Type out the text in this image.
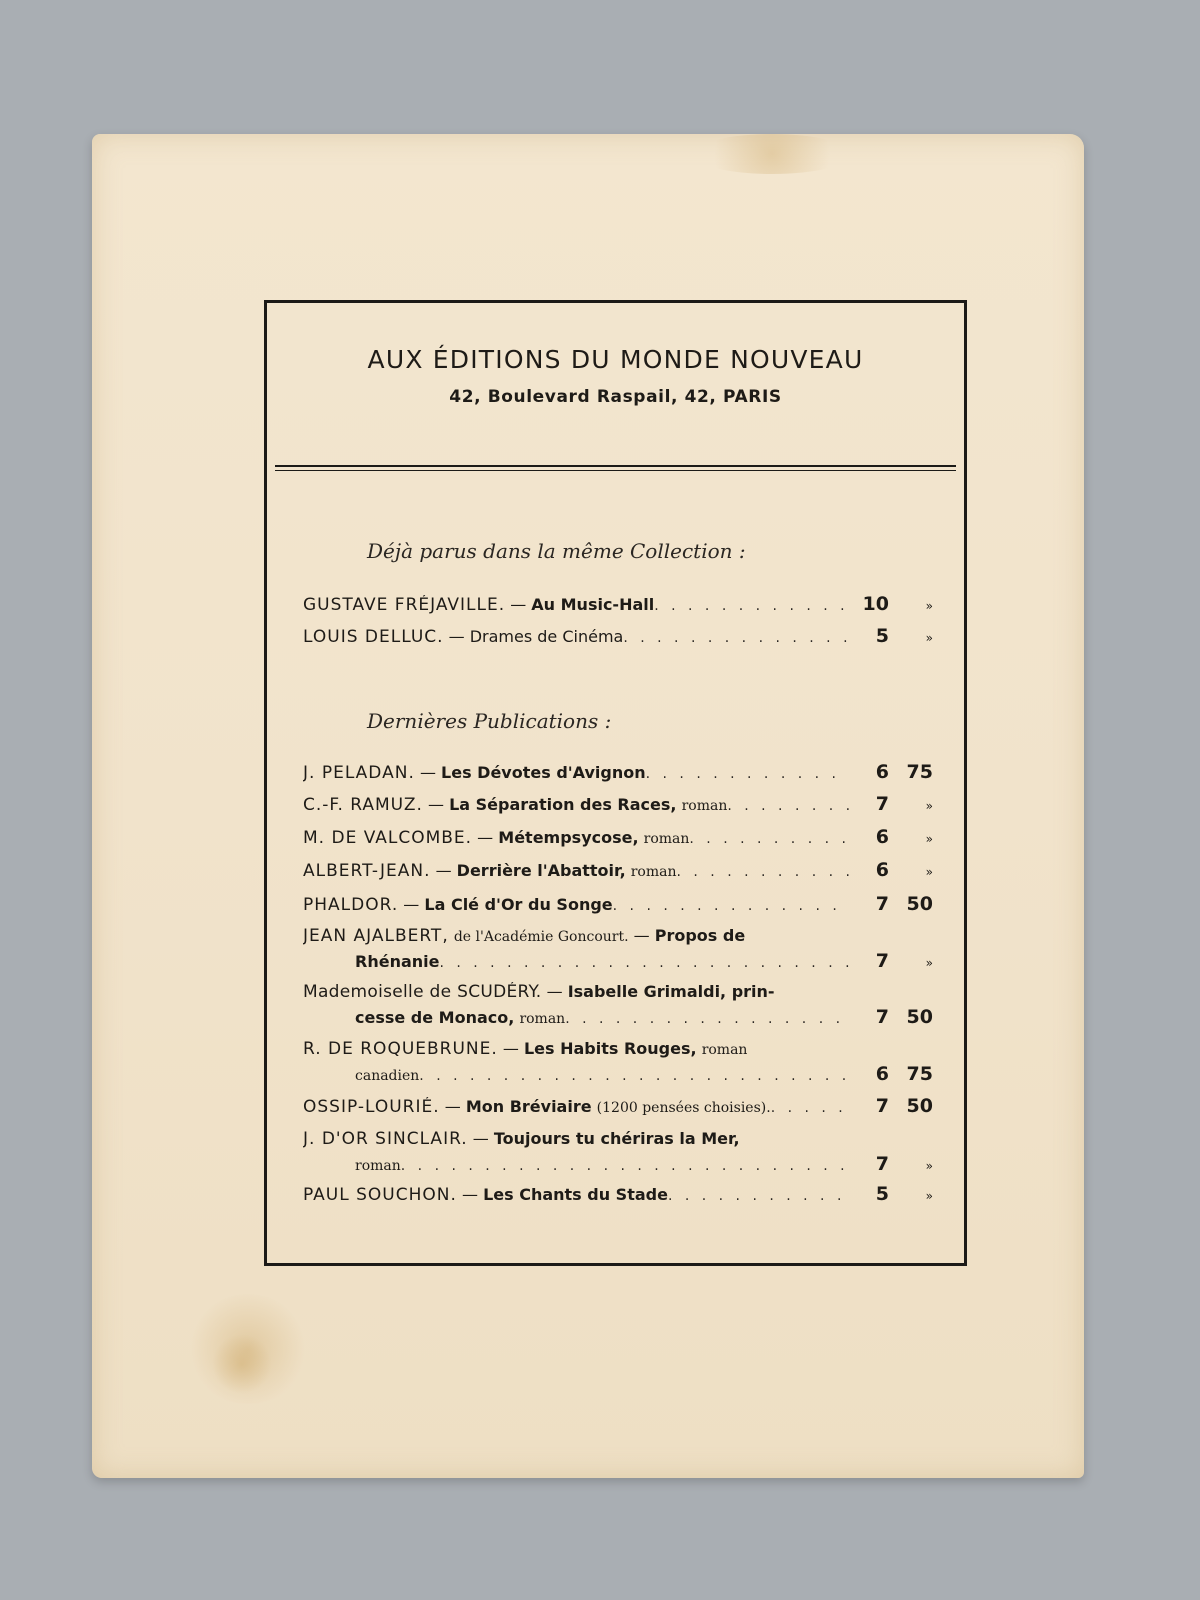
AUX ÉDITIONS DU MONDE NOUVEAU
42, Boulevard Raspail, 42, PARIS
Déjà parus dans la même Collection :
GUSTAVE FRÉJAVILLE. — Au Music-Hall . . .	10	»
LOUIS DELLUC. — Drames de Cinéma . . .	5	»
Dernières Publications :
J. PELADAN. — Les Dévotes d'Avignon . . .	6 75
C.-F. RAMUZ. — La Séparation des Races, roman . . .	7	»
M. DE VALCOMBE. — Métempsycose, roman . . .	6	»
ALBERT-JEAN. — Derrière l'Abattoir, roman . . .	6	»
PHALDOR. — La Clé d'Or du Songe . . .	7 50
JEAN AJALBERT, de l'Académie Goncourt. — Propos de
Rhénanie . . .	7	»
Mademoiselle de SCUDÉRY. — Isabelle Grimaldi, prin-
cesse de Monaco, roman . . .	7 50
R. DE ROQUEBRUNE. — Les Habits Rouges, roman
canadien . . .	6 75
OSSIP-LOURIÉ. — Mon Bréviaire (1200 pensées choisies). . . .	7 50
J. D'OR SINCLAIR. — Toujours tu chériras la Mer,
roman . . .	7	»
PAUL SOUCHON. — Les Chants du Stade . . .	5	»
